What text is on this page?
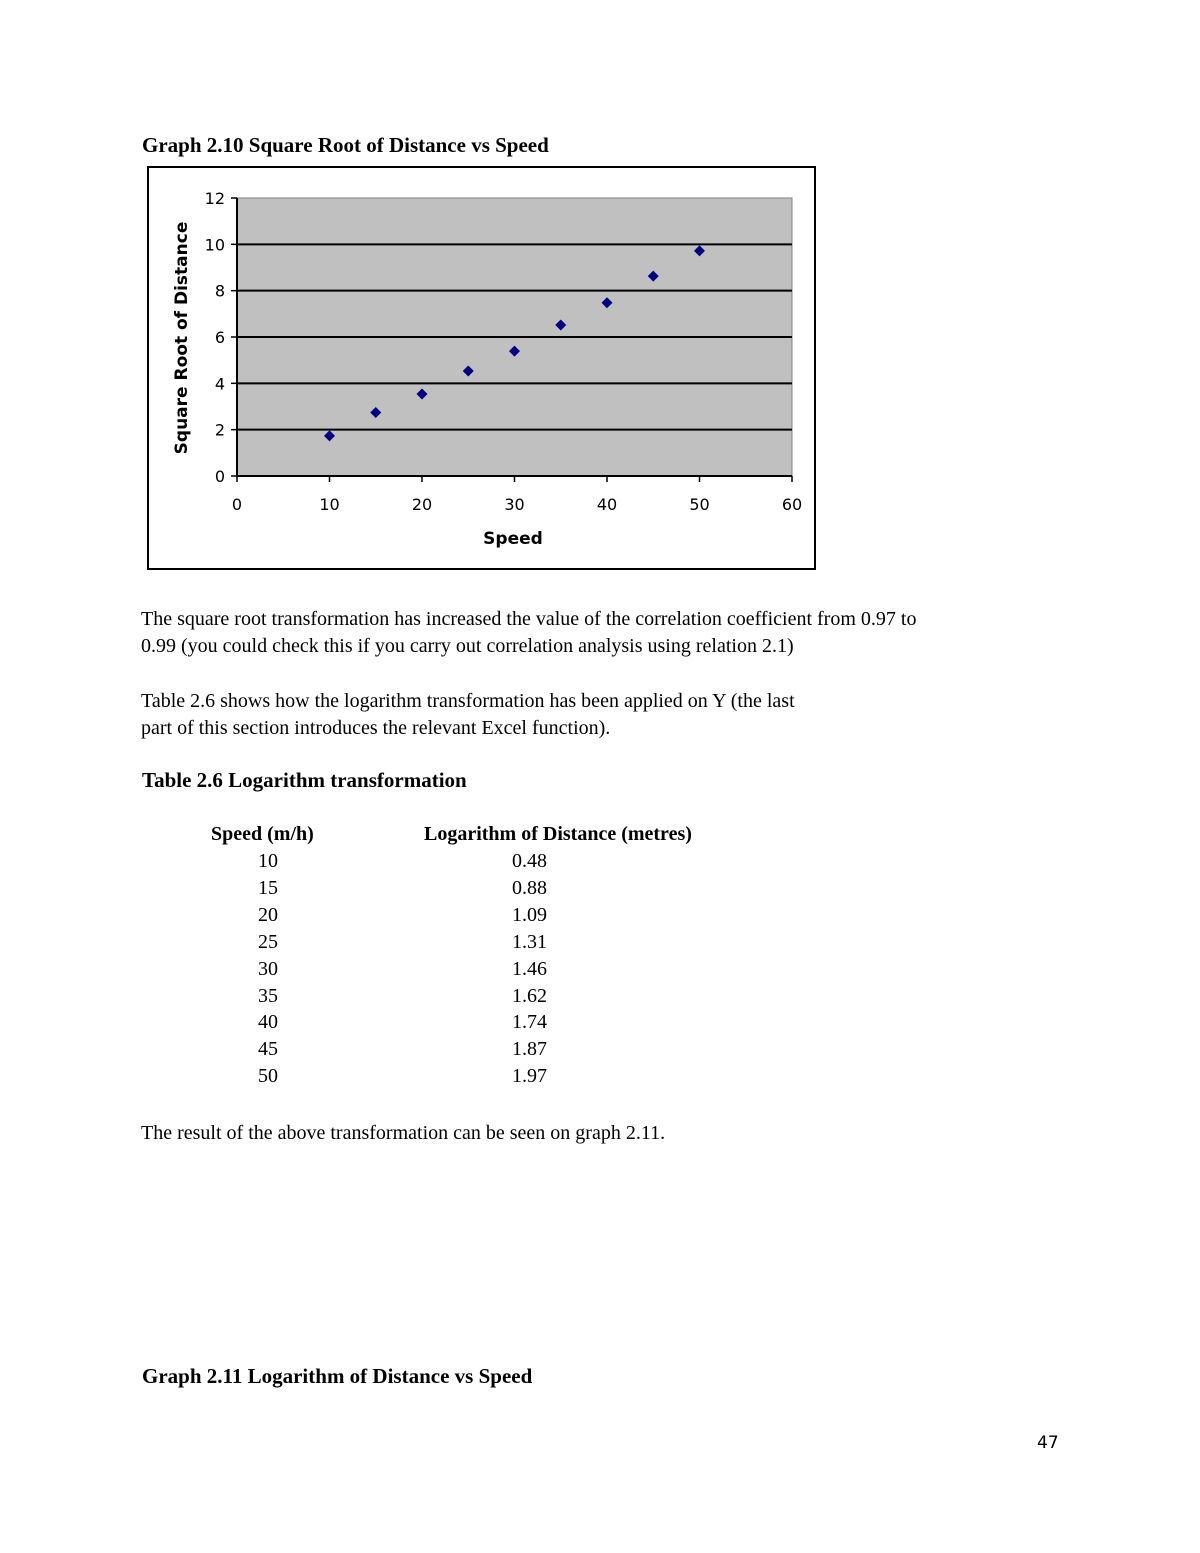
Graph 2.10 Square Root of Distance vs Speed
0
2
4
6
8
10
12
0	10	20	30	40	50	60
Speed
Square Root of Distance
The square root transformation has increased the value of the correlation coefficient from 0.97 to
0.99 (you could check this if you carry out correlation analysis using relation 2.1)
Table 2.6 shows how the logarithm transformation has been applied on Y (the last
part of this section introduces the relevant Excel function).
Table 2.6 Logarithm transformation
Speed (m/h)	Logarithm of Distance (metres)
10	0.48
15	0.88
20	1.09
25	1.31
30	1.46
35	1.62
40	1.74
45	1.87
50	1.97
The result of the above transformation can be seen on graph 2.11.
Graph 2.11 Logarithm of Distance vs Speed
47
